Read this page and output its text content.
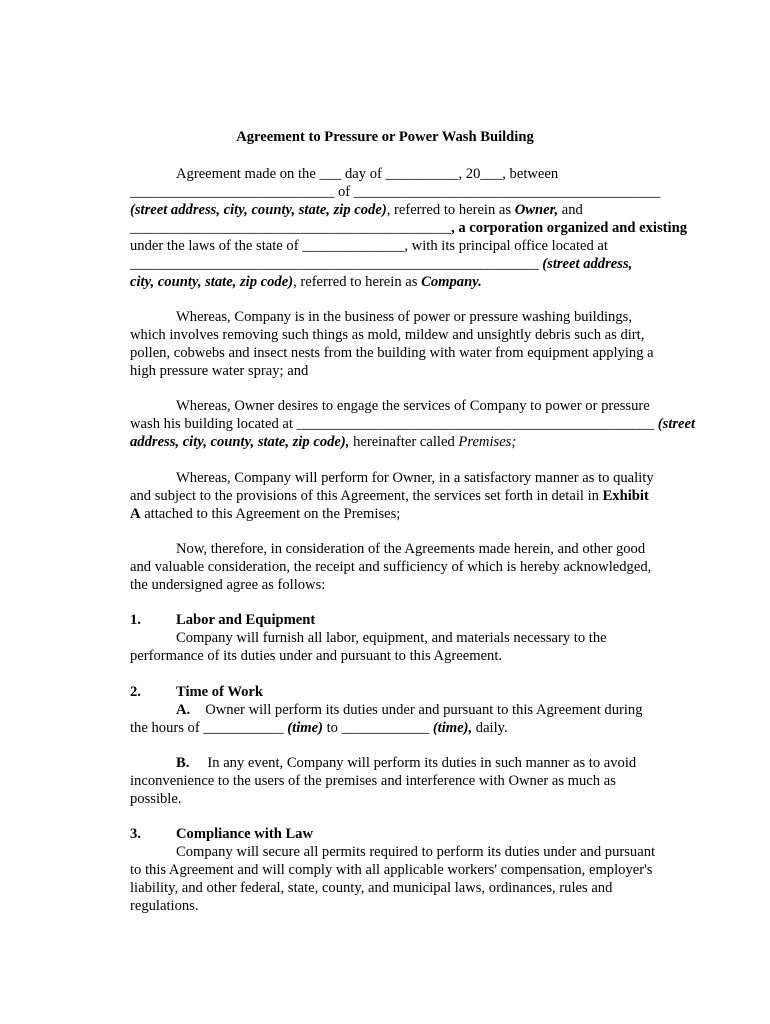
Agreement to Pressure or Power Wash Building
Agreement made on the ___ day of __________, 20___, between
____________________________ of __________________________________________
(street address, city, county, state, zip code), referred to herein as Owner, and
____________________________________________, a corporation organized and existing
under the laws of the state of ______________, with its principal office located at
________________________________________________________ (street address,
city, county, state, zip code), referred to herein as Company.
Whereas, Company is in the business of power or pressure washing buildings,
which involves removing such things as mold, mildew and unsightly debris such as dirt,
pollen, cobwebs and insect nests from the building with water from equipment applying a
high pressure water spray; and
Whereas, Owner desires to engage the services of Company to power or pressure
wash his building located at _________________________________________________ (street
address, city, county, state, zip code), hereinafter called Premises;
Whereas, Company will perform for Owner, in a satisfactory manner as to quality
and subject to the provisions of this Agreement, the services set forth in detail in Exhibit
A attached to this Agreement on the Premises;
Now, therefore, in consideration of the Agreements made herein, and other good
and valuable consideration, the receipt and sufficiency of which is hereby acknowledged,
the undersigned agree as follows:
1. Labor and Equipment
Company will furnish all labor, equipment, and materials necessary to the
performance of its duties under and pursuant to this Agreement.
2. Time of Work
A. Owner will perform its duties under and pursuant to this Agreement during
the hours of ___________ (time) to ____________ (time), daily.
B. In any event, Company will perform its duties in such manner as to avoid
inconvenience to the users of the premises and interference with Owner as much as
possible.
3. Compliance with Law
Company will secure all permits required to perform its duties under and pursuant
to this Agreement and will comply with all applicable workers' compensation, employer's
liability, and other federal, state, county, and municipal laws, ordinances, rules and
regulations.
